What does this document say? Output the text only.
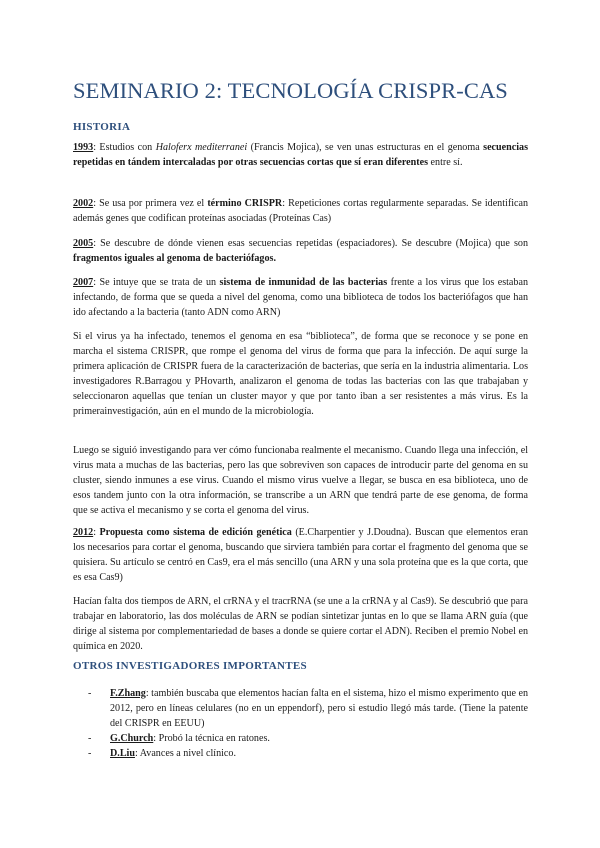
SEMINARIO 2: TECNOLOGÍA CRISPR-CAS
HISTORIA

1993: Estudios con Haloferx mediterranei (Francis Mojica), se ven unas estructuras en el genoma secuencias repetidas en tándem intercaladas por otras secuencias cortas que sí eran diferentes entre sí.

2002: Se usa por primera vez el término CRISPR: Repeticiones cortas regularmente separadas. Se identifican además genes que codifican proteínas asociadas (Proteínas Cas)

2005: Se descubre de dónde vienen esas secuencias repetidas (espaciadores). Se descubre (Mojica) que son fragmentos iguales al genoma de bacteriófagos.

2007: Se intuye que se trata de un sistema de inmunidad de las bacterias frente a los virus que los estaban infectando, de forma que se queda a nivel del genoma, como una biblioteca de todos los bacteriófagos que han ido afectando a la bacteria (tanto ADN como ARN)

Si el virus ya ha infectado, tenemos el genoma en esa “biblioteca”, de forma que se reconoce y se pone en marcha el sistema CRISPR, que rompe el genoma del virus de forma que para la infección. De aquí surge la primera aplicación de CRISPR fuera de la caracterización de bacterias, que sería en la industria alimentaria. Los investigadores R.Barragou y PHovarth, analizaron el genoma de todas las bacterias con las que trabajaban y seleccionaron aquellas que tenían un cluster mayor y que por tanto iban a ser resistentes a más virus. Es la primerainvestigación, aún en el mundo de la microbiología.

Luego se siguió investigando para ver cómo funcionaba realmente el mecanismo. Cuando llega una infección, el virus mata a muchas de las bacterias, pero las que sobreviven son capaces de introducir parte del genoma en su cluster, siendo inmunes a ese virus. Cuando el mismo virus vuelve a llegar, se busca en esa biblioteca, uno de esos tandem junto con la otra información, se transcribe a un ARN que tendrá parte de ese genoma, de forma que se activa el mecanismo y se corta el genoma del virus.

2012: Propuesta como sistema de edición genética (E.Charpentier y J.Doudna). Buscan que elementos eran los necesarios para cortar el genoma, buscando que sirviera también para cortar el fragmento del genoma que se quisiera. Su artículo se centró en Cas9, era el más sencillo (una ARN y una sola proteína que es la que corta, que es esa Cas9)

Hacían falta dos tiempos de ARN, el crRNA y el tracrRNA (se une a la crRNA y al Cas9). Se descubrió que para trabajar en laboratorio, las dos moléculas de ARN se podían sintetizar juntas en lo que se llama ARN guía (que dirige al sistema por complementariedad de bases a donde se quiere cortar el ADN). Reciben el premio Nobel en química en 2020.

OTROS INVESTIGADORES IMPORTANTES
- F.Zhang: también buscaba que elementos hacían falta en el sistema, hizo el mismo experimento que en 2012, pero en líneas celulares (no en un eppendorf), pero si estudio llegó más tarde. (Tiene la patente del CRISPR en EEUU)
- G.Church: Probó la técnica en ratones.
- D.Liu: Avances a nivel clínico.
